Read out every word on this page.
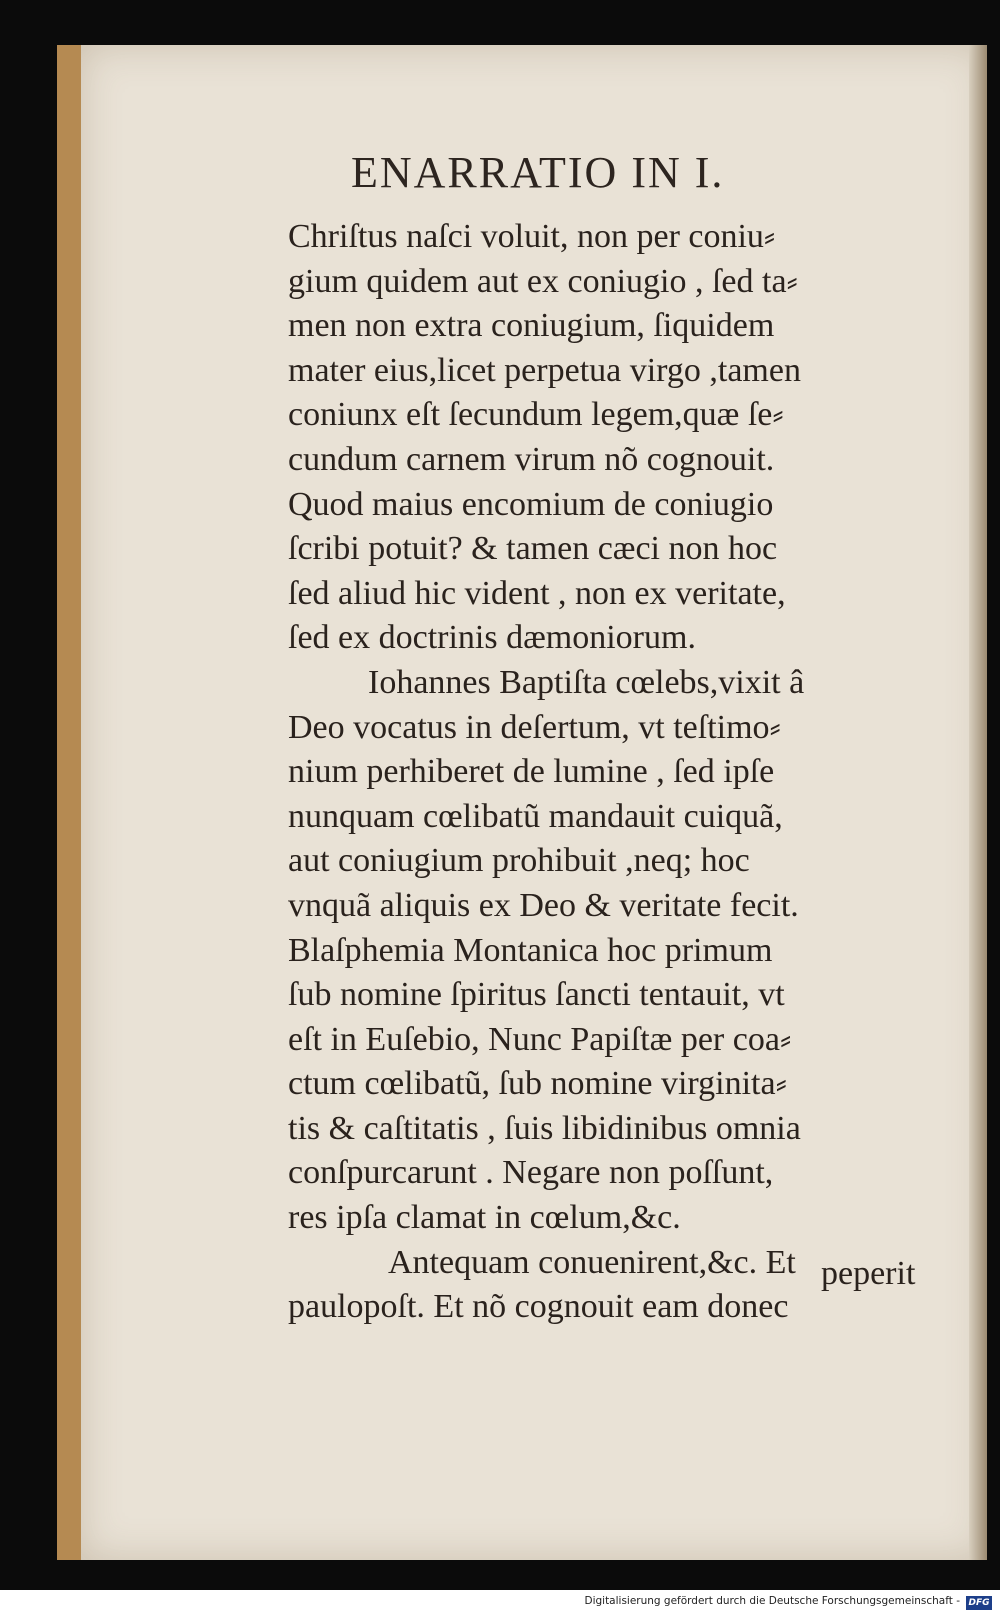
ENARRATIO IN I.
Chriſtus naſci voluit, non per coniu⸗
gium quidem aut ex coniugio , ſed ta⸗
men non extra coniugium, ſiquidem
mater eius,licet perpetua virgo ,tamen
coniunx eſt ſecundum legem,quæ ſe⸗
cundum carnem virum nõ cognouit.
Quod maius encomium de coniugio
ſcribi potuit? & tamen cæci non hoc
ſed aliud hic vident , non ex veritate,
ſed ex doctrinis dæmoniorum.
Iohannes Baptiſta cœlebs,vixit â
Deo vocatus in deſertum, vt teſtimo⸗
nium perhiberet de lumine , ſed ipſe
nunquam cœlibatũ mandauit cuiquã,
aut coniugium prohibuit ,neq; hoc
vnquã aliquis ex Deo & veritate fecit.
Blaſphemia Montanica hoc primum
ſub nomine ſpiritus ſancti tentauit, vt
eſt in Euſebio, Nunc Papiſtæ per coa⸗
ctum cœlibatũ, ſub nomine virginita⸗
tis & caſtitatis , ſuis libidinibus omnia
conſpurcarunt . Negare non poſſunt,
res ipſa clamat in cœlum,&c.
Antequam conuenirent,&c. Et
paulopoſt. Et nõ cognouit eam donec
peperit
Digitalisierung gefördert durch die Deutsche Forschungsgemeinschaft - DFG
